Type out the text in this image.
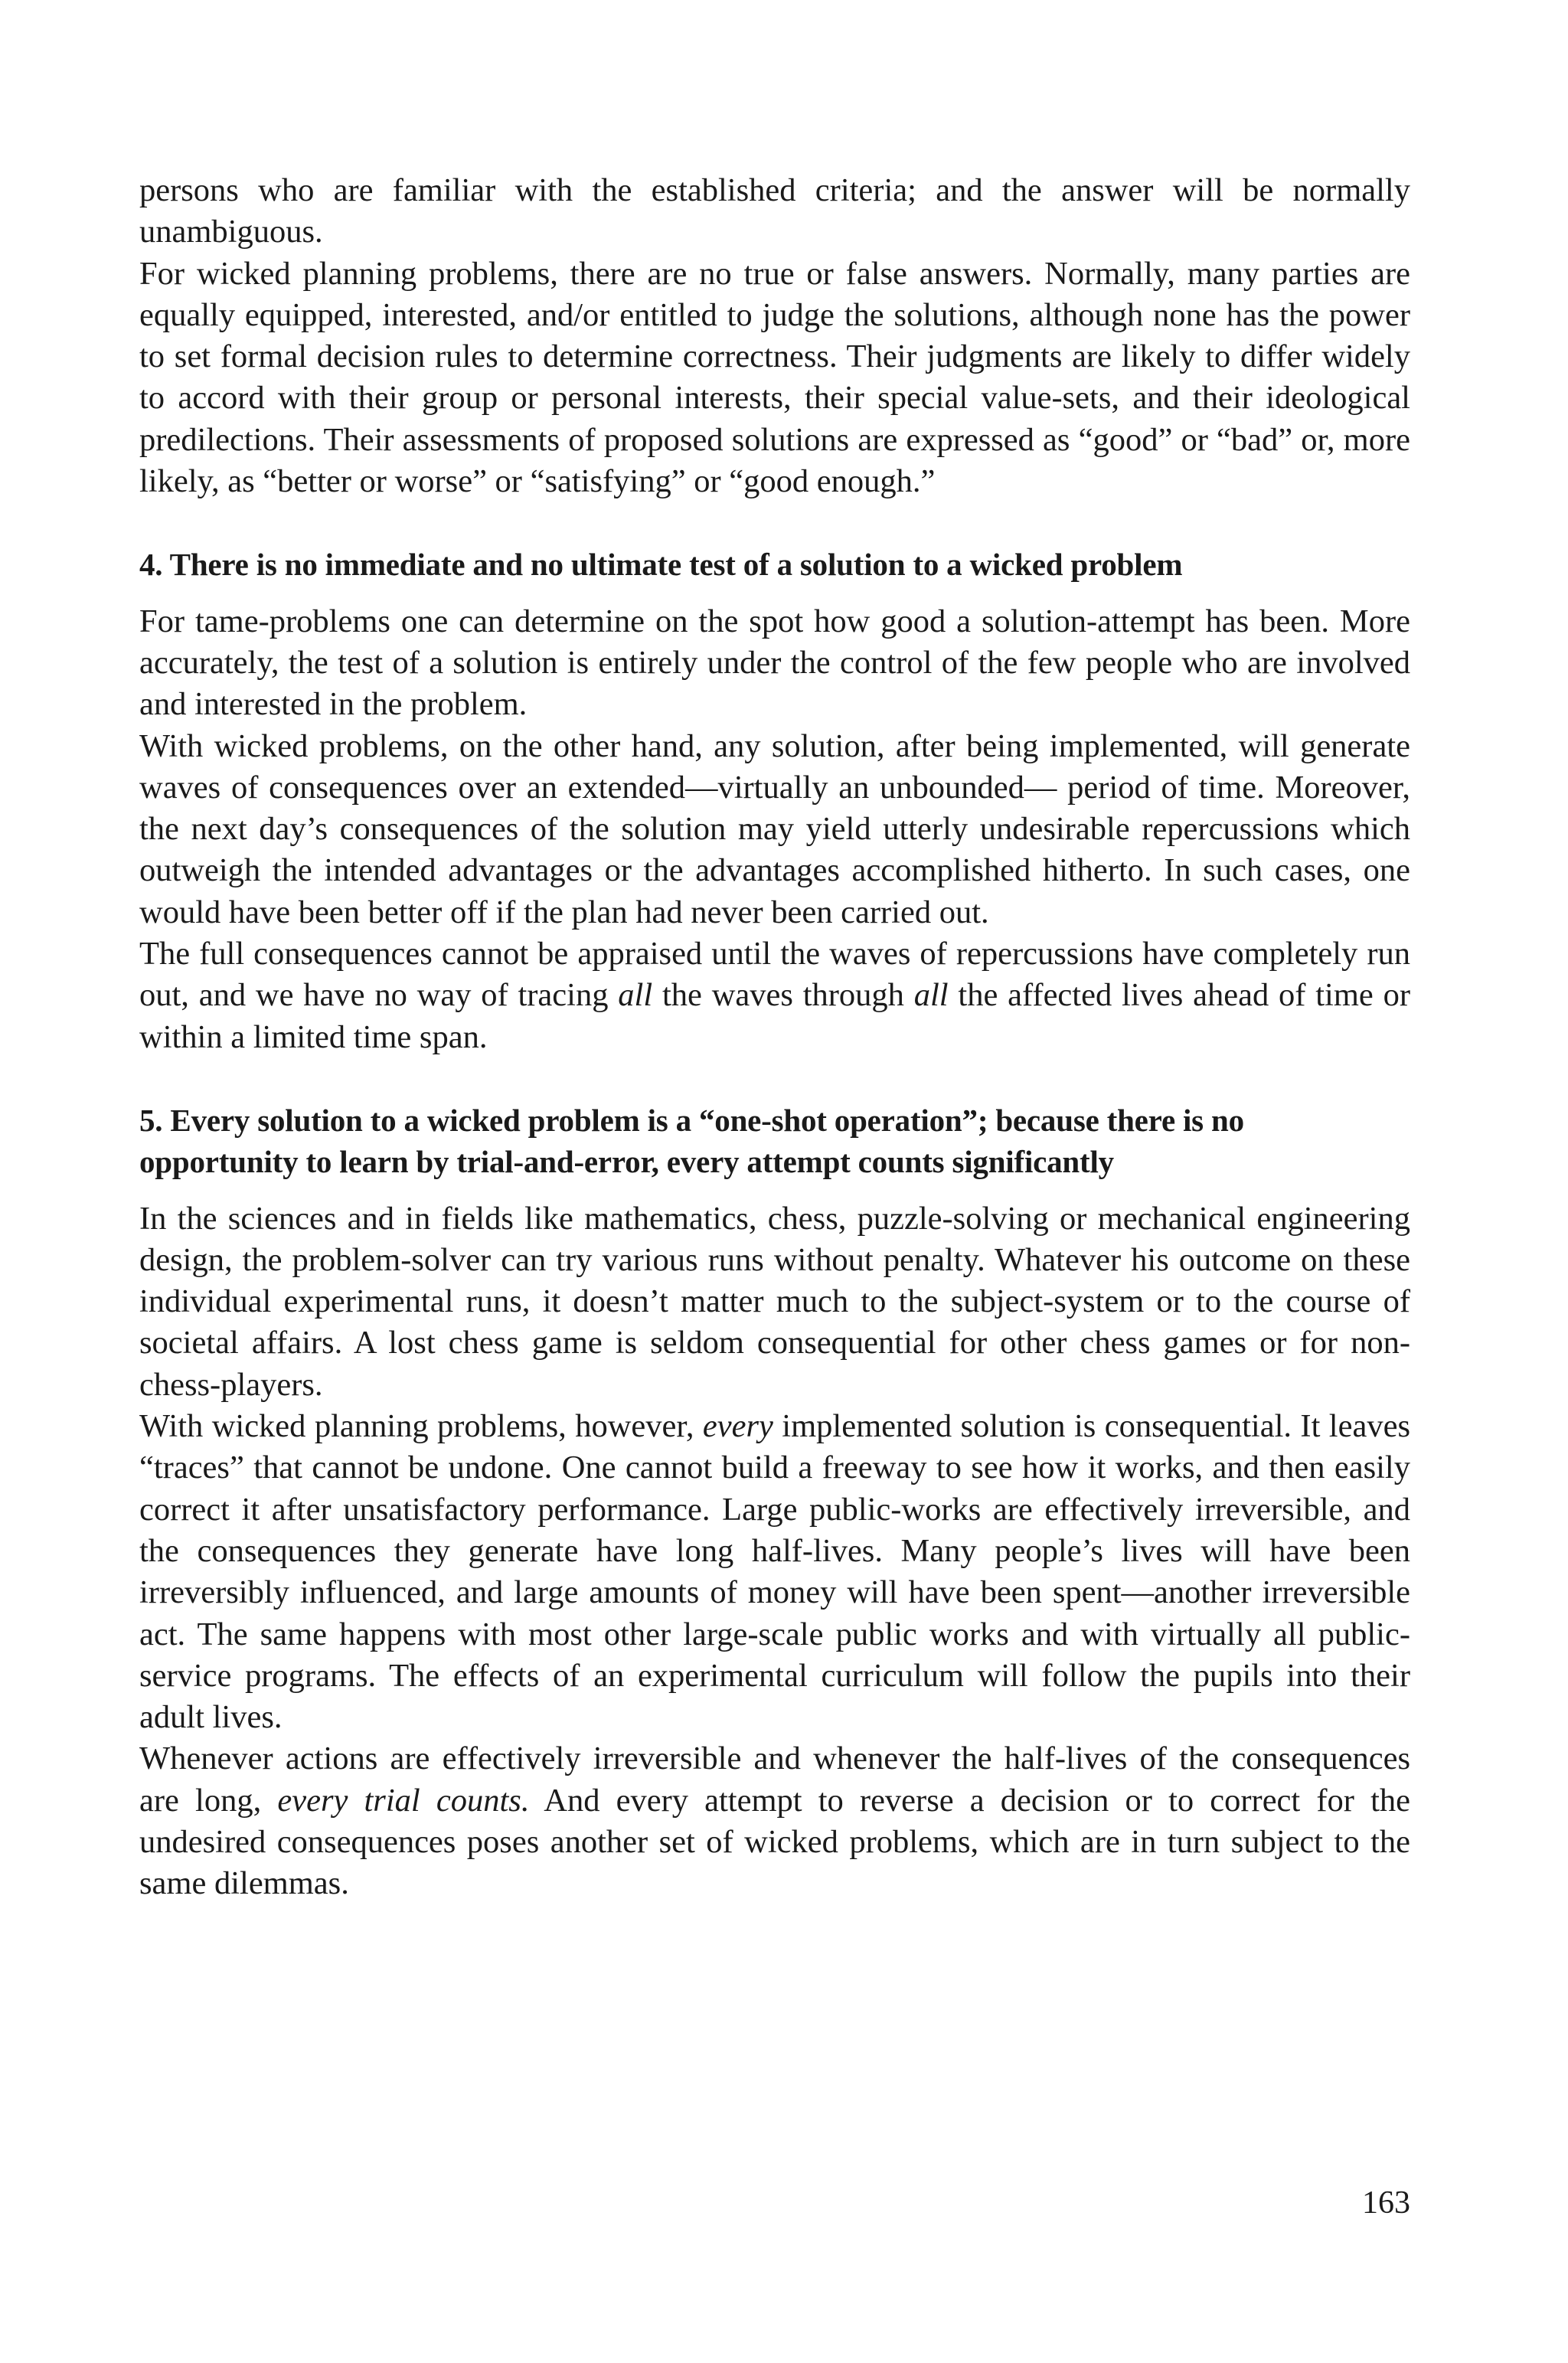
persons who are familiar with the established criteria; and the answer will be normally unambiguous.

For wicked planning problems, there are no true or false answers. Normally, many parties are equally equipped, interested, and/or entitled to judge the solutions, although none has the power to set formal decision rules to determine correctness. Their judgments are likely to differ widely to accord with their group or personal interests, their special value-sets, and their ideological predilections. Their assessments of proposed solutions are expressed as “good” or “bad” or, more likely, as “better or worse” or “satisfying” or “good enough.”

4. There is no immediate and no ultimate test of a solution to a wicked problem

For tame-problems one can determine on the spot how good a solution-attempt has been. More accurately, the test of a solution is entirely under the control of the few people who are involved and interested in the problem.

With wicked problems, on the other hand, any solution, after being implemented, will generate waves of consequences over an extended—virtually an unbounded— period of time. Moreover, the next day’s consequences of the solution may yield utterly undesirable repercussions which outweigh the intended advantages or the advantages accomplished hitherto. In such cases, one would have been better off if the plan had never been carried out.

The full consequences cannot be appraised until the waves of repercussions have completely run out, and we have no way of tracing all the waves through all the affected lives ahead of time or within a limited time span.

5. Every solution to a wicked problem is a “one-shot operation”; because there is no opportunity to learn by trial-and-error, every attempt counts significantly

In the sciences and in fields like mathematics, chess, puzzle-solving or mechanical engineering design, the problem-solver can try various runs without penalty. Whatever his outcome on these individual experimental runs, it doesn’t matter much to the subject-system or to the course of societal affairs. A lost chess game is seldom consequential for other chess games or for non-chess-players.

With wicked planning problems, however, every implemented solution is consequential. It leaves “traces” that cannot be undone. One cannot build a freeway to see how it works, and then easily correct it after unsatisfactory performance. Large public-works are effectively irreversible, and the consequences they generate have long half-lives. Many people’s lives will have been irreversibly influenced, and large amounts of money will have been spent—another irreversible act. The same happens with most other large-scale public works and with virtually all public-service programs. The effects of an experimental curriculum will follow the pupils into their adult lives.

Whenever actions are effectively irreversible and whenever the half-lives of the consequences are long, every trial counts. And every attempt to reverse a decision or to correct for the undesired consequences poses another set of wicked problems, which are in turn subject to the same dilemmas.

163
